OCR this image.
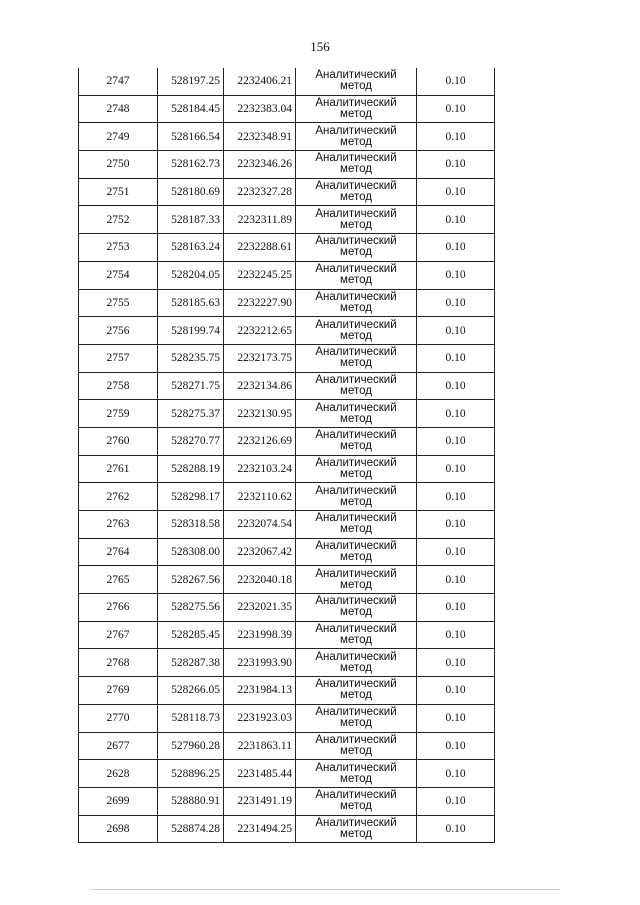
156
2747	528197.25	2232406.21	Аналитический
метод	0.10
2748	528184.45	2232383.04	Аналитический
метод	0.10
2749	528166.54	2232348.91	Аналитический
метод	0.10
2750	528162.73	2232346.26	Аналитический
метод	0.10
2751	528180.69	2232327.28	Аналитический
метод	0.10
2752	528187.33	2232311.89	Аналитический
метод	0.10
2753	528163.24	2232288.61	Аналитический
метод	0.10
2754	528204.05	2232245.25	Аналитический
метод	0.10
2755	528185.63	2232227.90	Аналитический
метод	0.10
2756	528199.74	2232212.65	Аналитический
метод	0.10
2757	528235.75	2232173.75	Аналитический
метод	0.10
2758	528271.75	2232134.86	Аналитический
метод	0.10
2759	528275.37	2232130.95	Аналитический
метод	0.10
2760	528270.77	2232126.69	Аналитический
метод	0.10
2761	528288.19	2232103.24	Аналитический
метод	0.10
2762	528298.17	2232110.62	Аналитический
метод	0.10
2763	528318.58	2232074.54	Аналитический
метод	0.10
2764	528308.00	2232067.42	Аналитический
метод	0.10
2765	528267.56	2232040.18	Аналитический
метод	0.10
2766	528275.56	2232021.35	Аналитический
метод	0.10
2767	528285.45	2231998.39	Аналитический
метод	0.10
2768	528287.38	2231993.90	Аналитический
метод	0.10
2769	528266.05	2231984.13	Аналитический
метод	0.10
2770	528118.73	2231923.03	Аналитический
метод	0.10
2677	527960.28	2231863.11	Аналитический
метод	0.10
2628	528896.25	2231485.44	Аналитический
метод	0.10
2699	528880.91	2231491.19	Аналитический
метод	0.10
2698	528874.28	2231494.25	Аналитический
метод	0.10
